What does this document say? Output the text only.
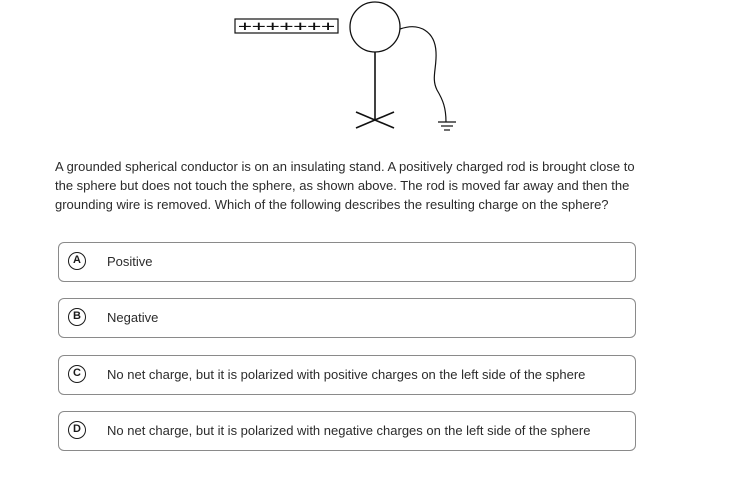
+++++++

A grounded spherical conductor is on an insulating stand. A positively charged rod is brought close to the sphere but does not touch the sphere, as shown above. The rod is moved far away and then the grounding wire is removed. Which of the following describes the resulting charge on the sphere?

A	Positive
B	Negative
C	No net charge, but it is polarized with positive charges on the left side of the sphere
D	No net charge, but it is polarized with negative charges on the left side of the sphere
